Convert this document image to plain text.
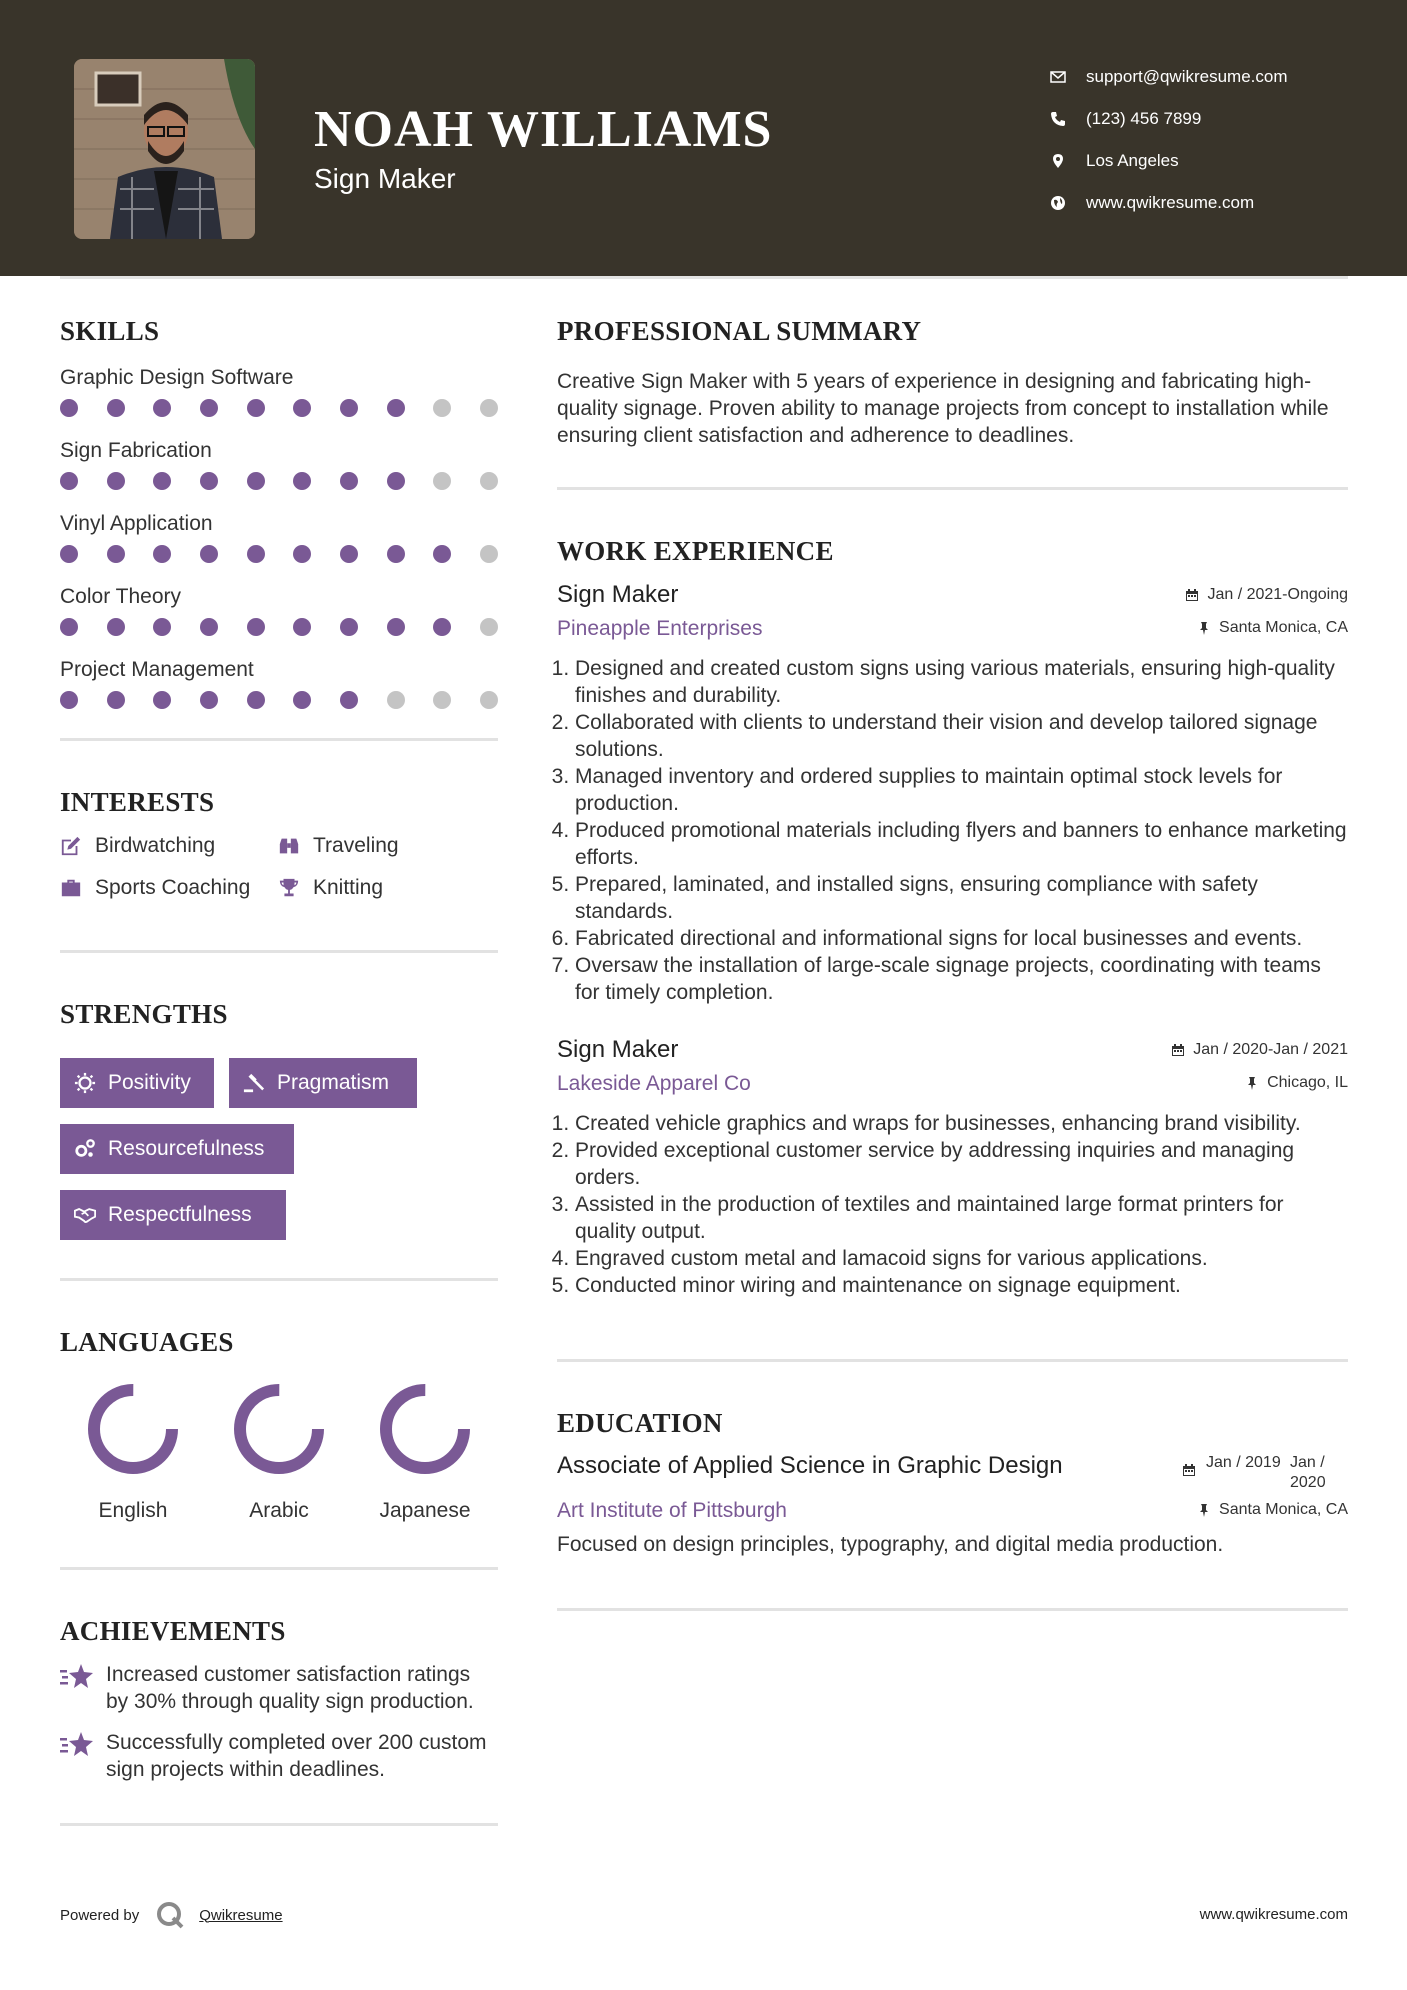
NOAH WILLIAMS
Sign Maker
support@qwikresume.com
(123) 456 7899
Los Angeles
www.qwikresume.com
SKILLS
Graphic Design Software
Sign Fabrication
Vinyl Application
Color Theory
Project Management
INTERESTS
Birdwatching	Traveling
Sports Coaching	Knitting
STRENGTHS
Positivity	Pragmatism
Resourcefulness
Respectfulness
LANGUAGES
English	Arabic	Japanese
ACHIEVEMENTS
Increased customer satisfaction ratings by 30% through quality sign production.
Successfully completed over 200 custom sign projects within deadlines.
PROFESSIONAL SUMMARY
Creative Sign Maker with 5 years of experience in designing and fabricating high-quality signage. Proven ability to manage projects from concept to installation while ensuring client satisfaction and adherence to deadlines.
WORK EXPERIENCE
Sign Maker	Jan / 2021-Ongoing
Pineapple Enterprises	Santa Monica, CA
1. Designed and created custom signs using various materials, ensuring high-quality finishes and durability.
2. Collaborated with clients to understand their vision and develop tailored signage solutions.
3. Managed inventory and ordered supplies to maintain optimal stock levels for production.
4. Produced promotional materials including flyers and banners to enhance marketing efforts.
5. Prepared, laminated, and installed signs, ensuring compliance with safety standards.
6. Fabricated directional and informational signs for local businesses and events.
7. Oversaw the installation of large-scale signage projects, coordinating with teams for timely completion.
Sign Maker	Jan / 2020-Jan / 2021
Lakeside Apparel Co	Chicago, IL
1. Created vehicle graphics and wraps for businesses, enhancing brand visibility.
2. Provided exceptional customer service by addressing inquiries and managing orders.
3. Assisted in the production of textiles and maintained large format printers for quality output.
4. Engraved custom metal and lamacoid signs for various applications.
5. Conducted minor wiring and maintenance on signage equipment.
EDUCATION
Associate of Applied Science in Graphic Design	Jan / 2019 Jan / 2020
Art Institute of Pittsburgh	Santa Monica, CA
Focused on design principles, typography, and digital media production.
Powered by	Qwikresume	www.qwikresume.com
